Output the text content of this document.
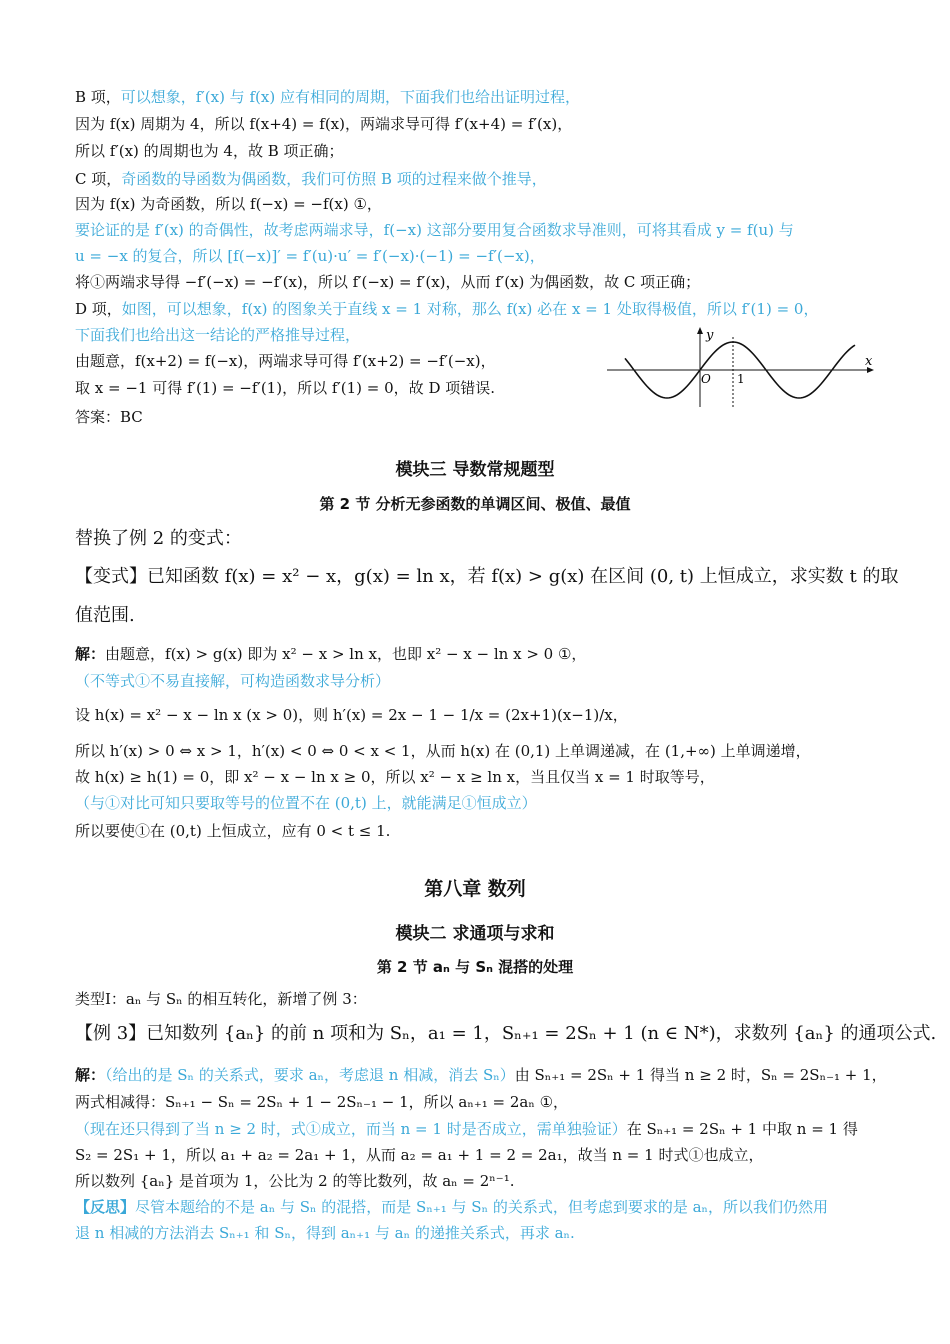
B 项，可以想象，f′(x) 与 f(x) 应有相同的周期，下面我们也给出证明过程，
因为 f(x) 周期为 4，所以 f(x+4) = f(x)，两端求导可得 f′(x+4) = f′(x)，
所以 f′(x) 的周期也为 4，故 B 项正确；
C 项，奇函数的导函数为偶函数，我们可仿照 B 项的过程来做个推导，
因为 f(x) 为奇函数，所以 f(−x) = −f(x) ①，
要论证的是 f′(x) 的奇偶性，故考虑两端求导，f(−x) 这部分要用复合函数求导准则，可将其看成 y = f(u) 与
u = −x 的复合，所以 [f(−x)]′ = f′(u)·u′ = f′(−x)·(−1) = −f′(−x)，
将①两端求导得 −f′(−x) = −f′(x)，所以 f′(−x) = f′(x)，从而 f′(x) 为偶函数，故 C 项正确；
D 项，如图，可以想象，f(x) 的图象关于直线 x = 1 对称，那么 f(x) 必在 x = 1 处取得极值，所以 f′(1) = 0，
下面我们也给出这一结论的严格推导过程，
由题意，f(x+2) = f(−x)，两端求导可得 f′(x+2) = −f′(−x)，
取 x = −1 可得 f′(1) = −f′(1)，所以 f′(1) = 0，故 D 项错误.
答案：BC
替换了例 2 的变式：
【变式】已知函数 f(x) = x² − x，g(x) = ln x，若 f(x) > g(x) 在区间 (0, t) 上恒成立，求实数 t 的取
值范围.
解：由题意，f(x) > g(x) 即为 x² − x > ln x，也即 x² − x − ln x > 0 ①，
（不等式①不易直接解，可构造函数求导分析）
设 h(x) = x² − x − ln x (x > 0)，则 h′(x) = 2x − 1 − 1/x = (2x+1)(x−1)/x，
所以 h′(x) > 0 ⇔ x > 1，h′(x) < 0 ⇔ 0 < x < 1，从而 h(x) 在 (0,1) 上单调递减，在 (1,+∞) 上单调递增，
故 h(x) ≥ h(1) = 0，即 x² − x − ln x ≥ 0，所以 x² − x ≥ ln x，当且仅当 x = 1 时取等号，
（与①对比可知只要取等号的位置不在 (0,t) 上，就能满足①恒成立）
所以要使①在 (0,t) 上恒成立，应有 0 < t ≤ 1.
类型Ⅰ：aₙ 与 Sₙ 的相互转化，新增了例 3：
【例 3】已知数列 {aₙ} 的前 n 项和为 Sₙ，a₁ = 1，Sₙ₊₁ = 2Sₙ + 1 (n ∈ N*)，求数列 {aₙ} 的通项公式.
解：（给出的是 Sₙ 的关系式，要求 aₙ，考虑退 n 相减，消去 Sₙ）由 Sₙ₊₁ = 2Sₙ + 1 得当 n ≥ 2 时，Sₙ = 2Sₙ₋₁ + 1，
两式相减得：Sₙ₊₁ − Sₙ = 2Sₙ + 1 − 2Sₙ₋₁ − 1，所以 aₙ₊₁ = 2aₙ ①，
（现在还只得到了当 n ≥ 2 时，式①成立，而当 n = 1 时是否成立，需单独验证）在 Sₙ₊₁ = 2Sₙ + 1 中取 n = 1 得
S₂ = 2S₁ + 1，所以 a₁ + a₂ = 2a₁ + 1，从而 a₂ = a₁ + 1 = 2 = 2a₁，故当 n = 1 时式①也成立，
所以数列 {aₙ} 是首项为 1，公比为 2 的等比数列，故 aₙ = 2ⁿ⁻¹.
【反思】尽管本题给的不是 aₙ 与 Sₙ 的混搭，而是 Sₙ₊₁ 与 Sₙ 的关系式，但考虑到要求的是 aₙ，所以我们仍然用
退 n 相减的方法消去 Sₙ₊₁ 和 Sₙ，得到 aₙ₊₁ 与 aₙ 的递推关系式，再求 aₙ.
模块三 导数常规题型
第 2 节 分析无参函数的单调区间、极值、最值
第八章 数列
模块二 求通项与求和
第 2 节 aₙ 与 Sₙ 混搭的处理
y
x
O 1
